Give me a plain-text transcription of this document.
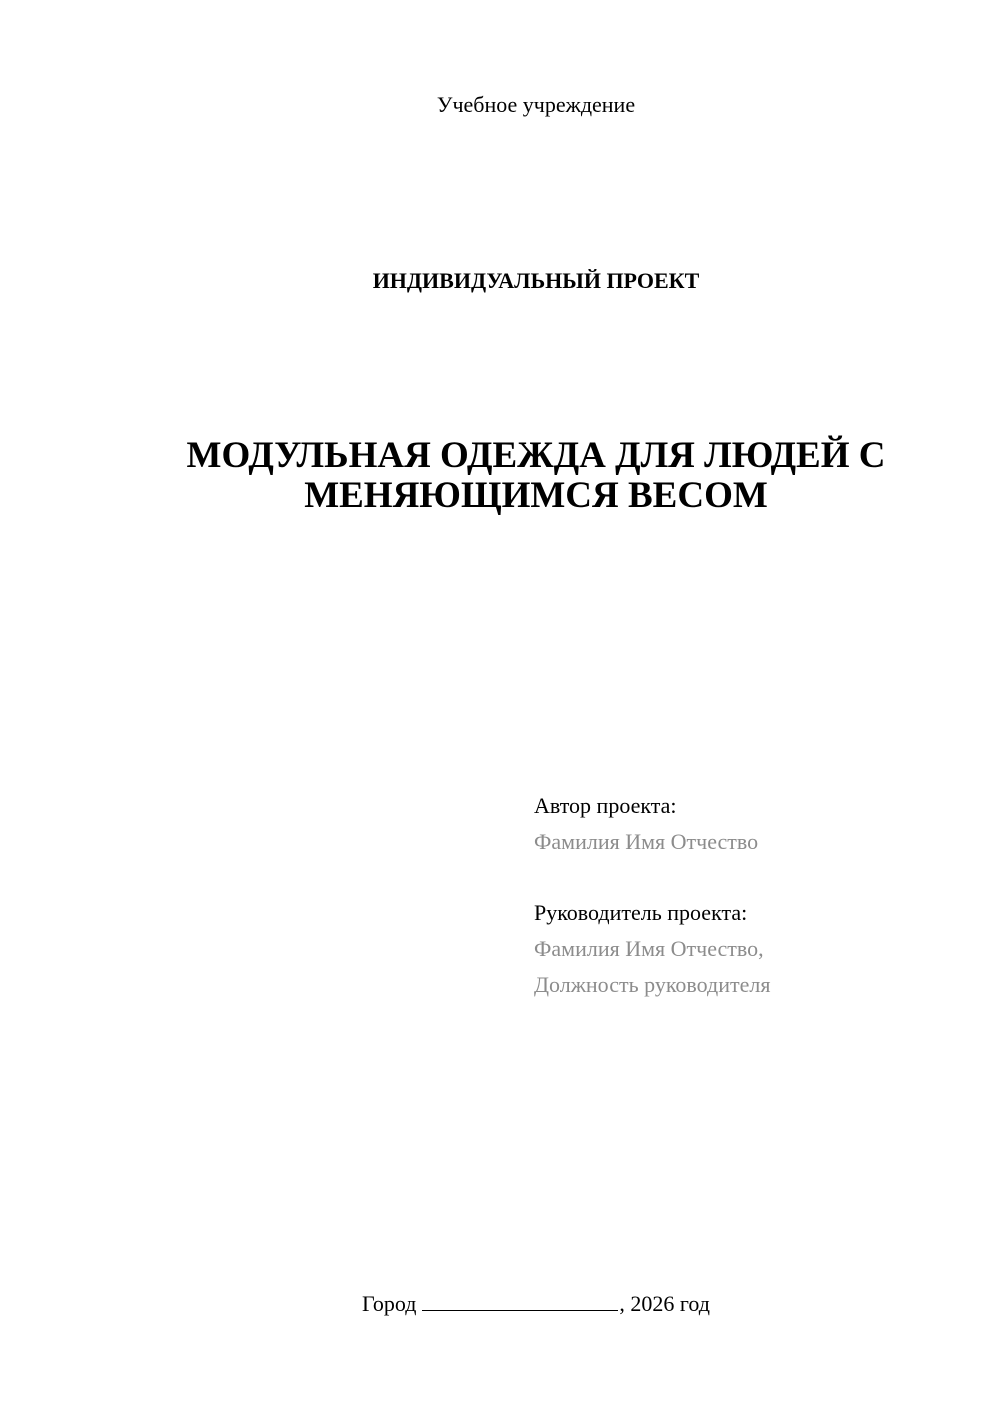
Учебное учреждение
ИНДИВИДУАЛЬНЫЙ ПРОЕКТ
МОДУЛЬНАЯ ОДЕЖДА ДЛЯ ЛЮДЕЙ С
МЕНЯЮЩИМСЯ ВЕСОМ
Автор проекта:
Фамилия Имя Отчество
Руководитель проекта:
Фамилия Имя Отчество,
Должность руководителя
Город	, 2026 год
